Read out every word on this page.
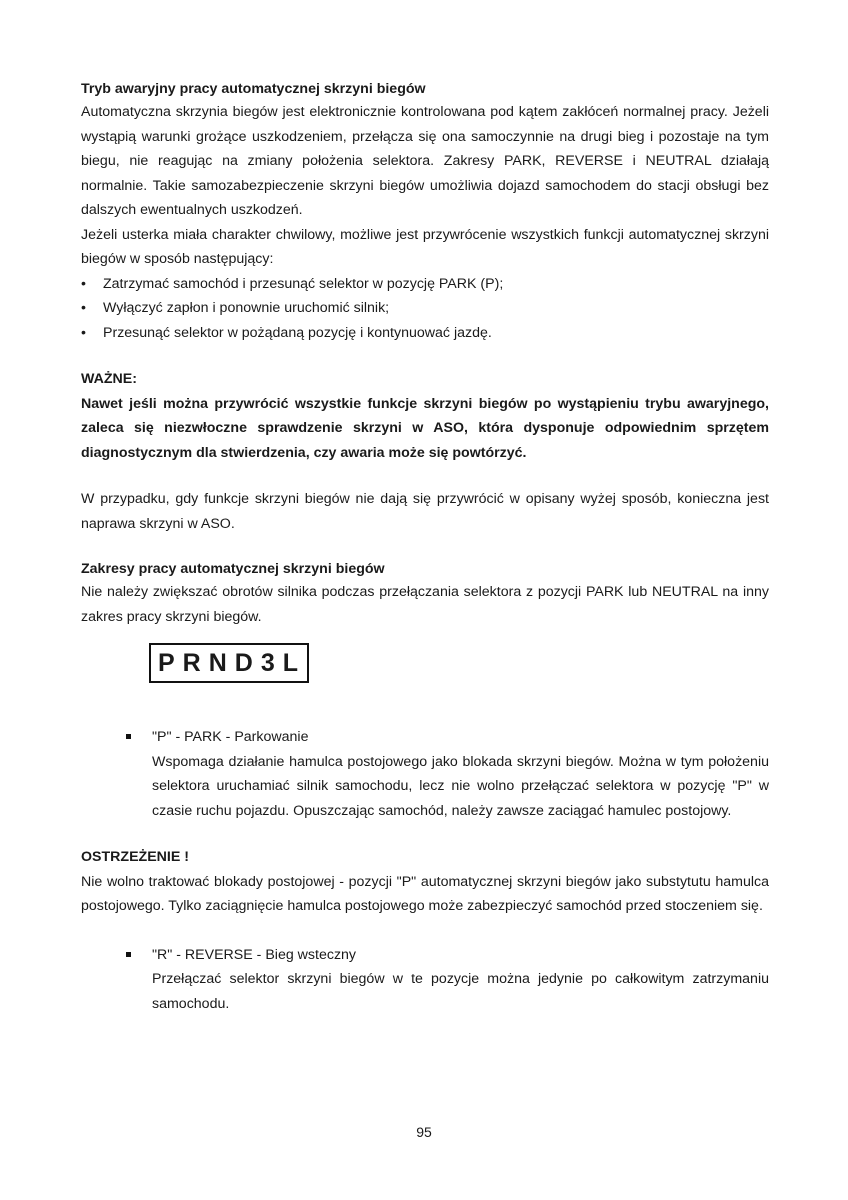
Tryb awaryjny pracy automatycznej skrzyni biegów

Automatyczna skrzynia biegów jest elektronicznie kontrolowana pod kątem zakłóceń normalnej pracy. Jeżeli wystąpią warunki grożące uszkodzeniem, przełącza się ona samoczynnie na drugi bieg i pozostaje na tym biegu, nie reagując na zmiany położenia selektora. Zakresy PARK, REVERSE i NEUTRAL działają normalnie. Takie samozabezpieczenie skrzyni biegów umożliwia dojazd samochodem do stacji obsługi bez dalszych ewentualnych uszkodzeń.

Jeżeli usterka miała charakter chwilowy, możliwe jest przywrócenie wszystkich funkcji automatycznej skrzyni biegów w sposób następujący:

• Zatrzymać samochód i przesunąć selektor w pozycję PARK (P);
• Wyłączyć zapłon i ponownie uruchomić silnik;
• Przesunąć selektor w pożądaną pozycję i kontynuować jazdę.

WAŻNE:

Nawet jeśli można przywrócić wszystkie funkcje skrzyni biegów po wystąpieniu trybu awaryjnego, zaleca się niezwłoczne sprawdzenie skrzyni w ASO, która dysponuje odpowiednim sprzętem diagnostycznym dla stwierdzenia, czy awaria może się powtórzyć.

W przypadku, gdy funkcje skrzyni biegów nie dają się przywrócić w opisany wyżej sposób, konieczna jest naprawa skrzyni w ASO.

Zakresy pracy automatycznej skrzyni biegów

Nie należy zwiększać obrotów silnika podczas przełączania selektora z pozycji PARK lub NEUTRAL na inny zakres pracy skrzyni biegów.

PRND3L

"P" - PARK - Parkowanie

Wspomaga działanie hamulca postojowego jako blokada skrzyni biegów. Można w tym położeniu selektora uruchamiać silnik samochodu, lecz nie wolno przełączać selektora w pozycję "P" w czasie ruchu pojazdu. Opuszczając samochód, należy zawsze zaciągać hamulec postojowy.

OSTRZEŻENIE !

Nie wolno traktować blokady postojowej - pozycji "P" automatycznej skrzyni biegów jako substytutu hamulca postojowego. Tylko zaciągnięcie hamulca postojowego może zabezpieczyć samochód przed stoczeniem się.

"R" - REVERSE - Bieg wsteczny

Przełączać selektor skrzyni biegów w te pozycje można jedynie po całkowitym zatrzymaniu samochodu.

95
